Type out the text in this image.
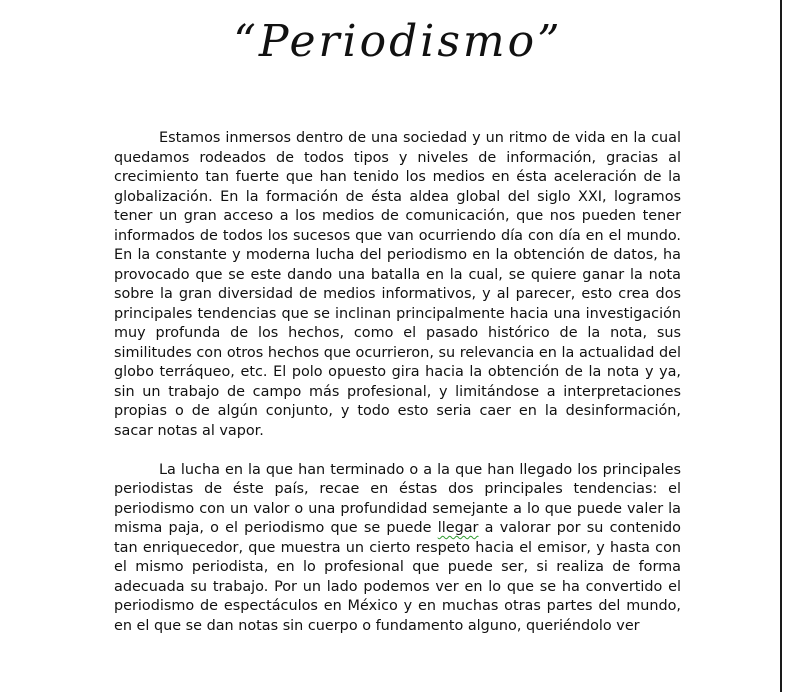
“Periodismo”

Estamos inmersos dentro de una sociedad y un ritmo de vida en la cual quedamos rodeados de todos tipos y niveles de información, gracias al crecimiento tan fuerte que han tenido los medios en ésta aceleración de la globalización. En la formación de ésta aldea global del siglo XXI, logramos tener un gran acceso a los medios de comunicación, que nos pueden tener informados de todos los sucesos que van ocurriendo día con día en el mundo. En la constante y moderna lucha del periodismo en la obtención de datos, ha provocado que se este dando una batalla en la cual, se quiere ganar la nota sobre la gran diversidad de medios informativos, y al parecer, esto crea dos principales tendencias que se inclinan principalmente hacia una investigación muy profunda de los hechos, como el pasado histórico de la nota, sus similitudes con otros hechos que ocurrieron, su relevancia en la actualidad del globo terráqueo, etc. El polo opuesto gira hacia la obtención de la nota y ya, sin un trabajo de campo más profesional, y limitándose a interpretaciones propias o de algún conjunto, y todo esto seria caer en la desinformación, sacar notas al vapor.

La lucha en la que han terminado o a la que han llegado los principales periodistas de éste país, recae en éstas dos principales tendencias: el periodismo con un valor o una profundidad semejante a lo que puede valer la misma paja, o el periodismo que se puede llegar a valorar por su contenido tan enriquecedor, que muestra un cierto respeto hacia el emisor, y hasta con el mismo periodista, en lo profesional que puede ser, si realiza de forma adecuada su trabajo. Por un lado podemos ver en lo que se ha convertido el periodismo de espectáculos en México y en muchas otras partes del mundo, en el que se dan notas sin cuerpo o fundamento alguno, queriéndolo ver
